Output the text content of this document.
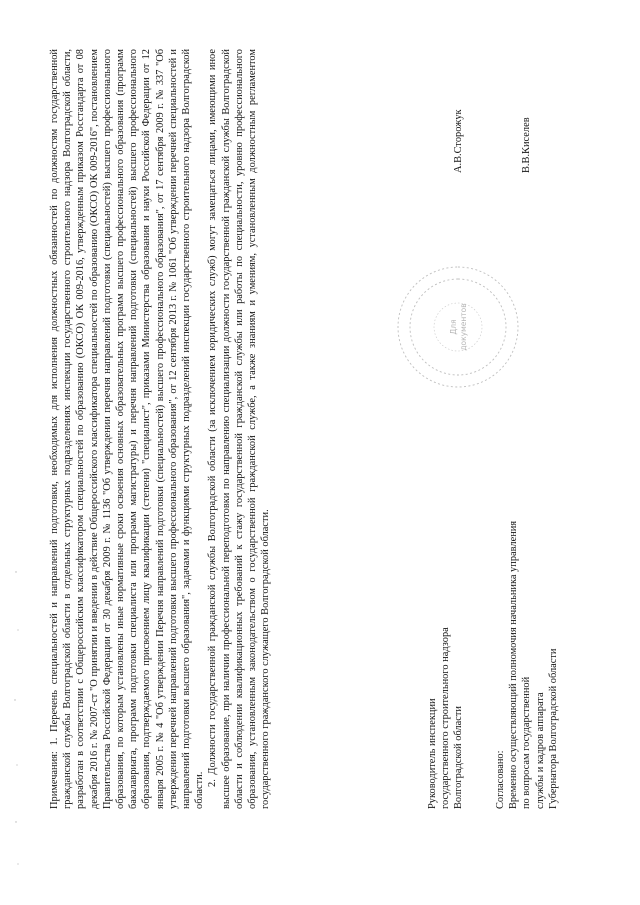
Примечания: 1. Перечень специальностей и направлений подготовки, необходимых для исполнения должностных обязанностей по должностям государственной гражданской службы Волгоградской области в отдельных структурных подразделениях инспекции государственного строительного надзора Волгоградской области, разработан в соответствии с Общероссийским классификатором специальностей по образованию (ОКСО) ОК 009-2016, утвержденным приказом Росстандарта от 08 декабря 2016 г. № 2007-ст "О принятии и введении в действие Общероссийского классификатора специальностей по образованию (ОКСО) ОК 009-2016", постановлением Правительства Российской Федерации от 30 декабря 2009 г. № 1136 "Об утверждении перечня направлений подготовки (специальностей) высшего профессионального образования, по которым установлены иные нормативные сроки освоения основных образовательных программ высшего профессионального образования (программ бакалавриата, программ подготовки специалиста или программ магистратуры) и перечня направлений подготовки (специальностей) высшего профессионального образования, подтверждаемого присвоением лицу квалификации (степени) "специалист", приказами Министерства образования и науки Российской Федерации от 12 января 2005 г. № 4 "Об утверждении Перечня направлений подготовки (специальностей) высшего профессионального образования", от 17 сентября 2009 г. № 337 "Об утверждении перечней направлений подготовки высшего профессионального образования", от 12 сентября 2013 г. № 1061 "Об утверждении перечней специальностей и направлений подготовки высшего образования", задачами и функциями структурных подразделений инспекции государственного строительного надзора Волгоградской области.

2. Должности государственной гражданской службы Волгоградской области (за исключением юридических служб) могут замещаться лицами, имеющими иное высшее образование, при наличии профессиональной переподготовки по направлению специализации должности государственной гражданской службы Волгоградской области и соблюдении квалификационных требований к стажу государственной гражданской службы или работы по специальности, уровню профессионального образования, установленным законодательством о государственной гражданской службе, а также знаниям и умениям, установленным должностным регламентом государственного гражданского служащего Волгоградской области.

Для документов
Руководитель инспекции государственного строительного надзора Волгоградской области
А.В.Сторожук
Согласовано: Временно осуществляющий полномочия начальника управления по вопросам государственной службы и кадров аппарата Губернатора Волгоградской области
В.В.Киселев
